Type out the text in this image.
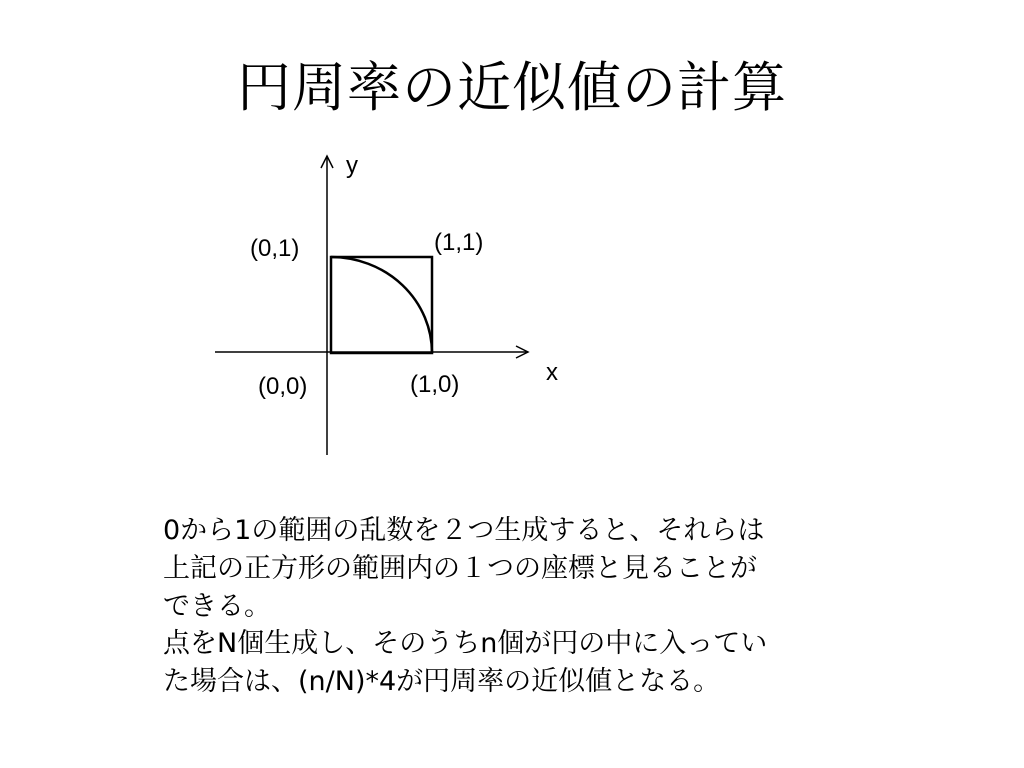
円周率の近似値の計算
y
x
(0,1)	(1,1)
(0,0)	(1,0)

0から1の範囲の乱数を２つ生成すると、それらは

上記の正方形の範囲内の１つの座標と見ることが

できる。

点をN個生成し、そのうちn個が円の中に入ってい

た場合は、(n/N)*4が円周率の近似値となる。
